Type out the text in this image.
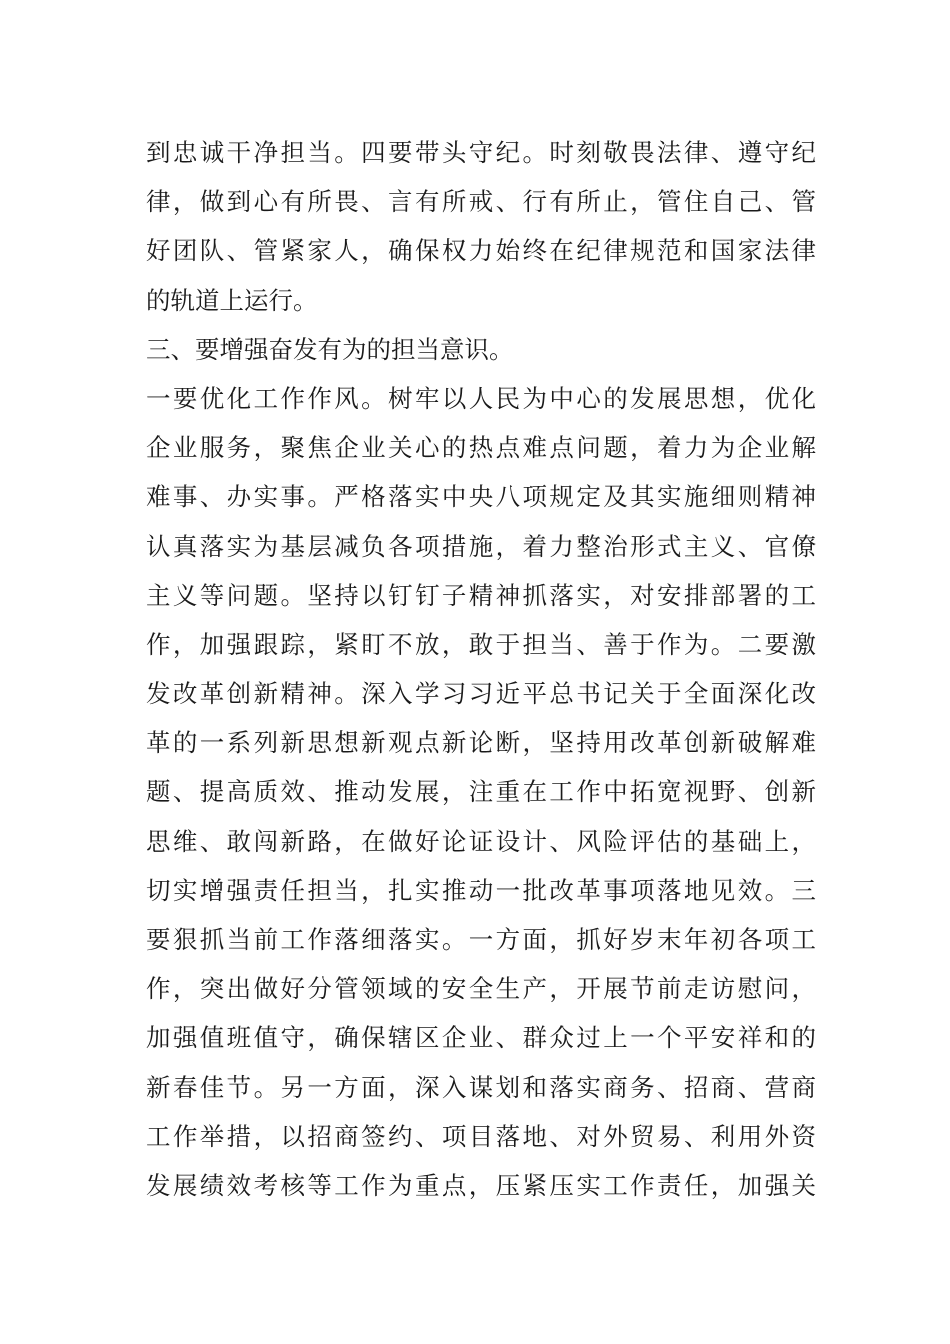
到忠诚干净担当。四要带头守纪。时刻敬畏法律、遵守纪

律，做到心有所畏、言有所戒、行有所止，管住自己、管

好团队、管紧家人，确保权力始终在纪律规范和国家法律

的轨道上运行。

三、要增强奋发有为的担当意识。

一要优化工作作风。树牢以人民为中心的发展思想，优化

企业服务，聚焦企业关心的热点难点问题，着力为企业解

难事、办实事。严格落实中央八项规定及其实施细则精神

认真落实为基层减负各项措施，着力整治形式主义、官僚

主义等问题。坚持以钉钉子精神抓落实，对安排部署的工

作，加强跟踪，紧盯不放，敢于担当、善于作为。二要激

发改革创新精神。深入学习习近平总书记关于全面深化改

革的一系列新思想新观点新论断，坚持用改革创新破解难

题、提高质效、推动发展，注重在工作中拓宽视野、创新

思维、敢闯新路，在做好论证设计、风险评估的基础上，

切实增强责任担当，扎实推动一批改革事项落地见效。三

要狠抓当前工作落细落实。一方面，抓好岁末年初各项工

作，突出做好分管领域的安全生产，开展节前走访慰问，

加强值班值守，确保辖区企业、群众过上一个平安祥和的

新春佳节。另一方面，深入谋划和落实商务、招商、营商

工作举措，以招商签约、项目落地、对外贸易、利用外资

发展绩效考核等工作为重点，压紧压实工作责任，加强关
